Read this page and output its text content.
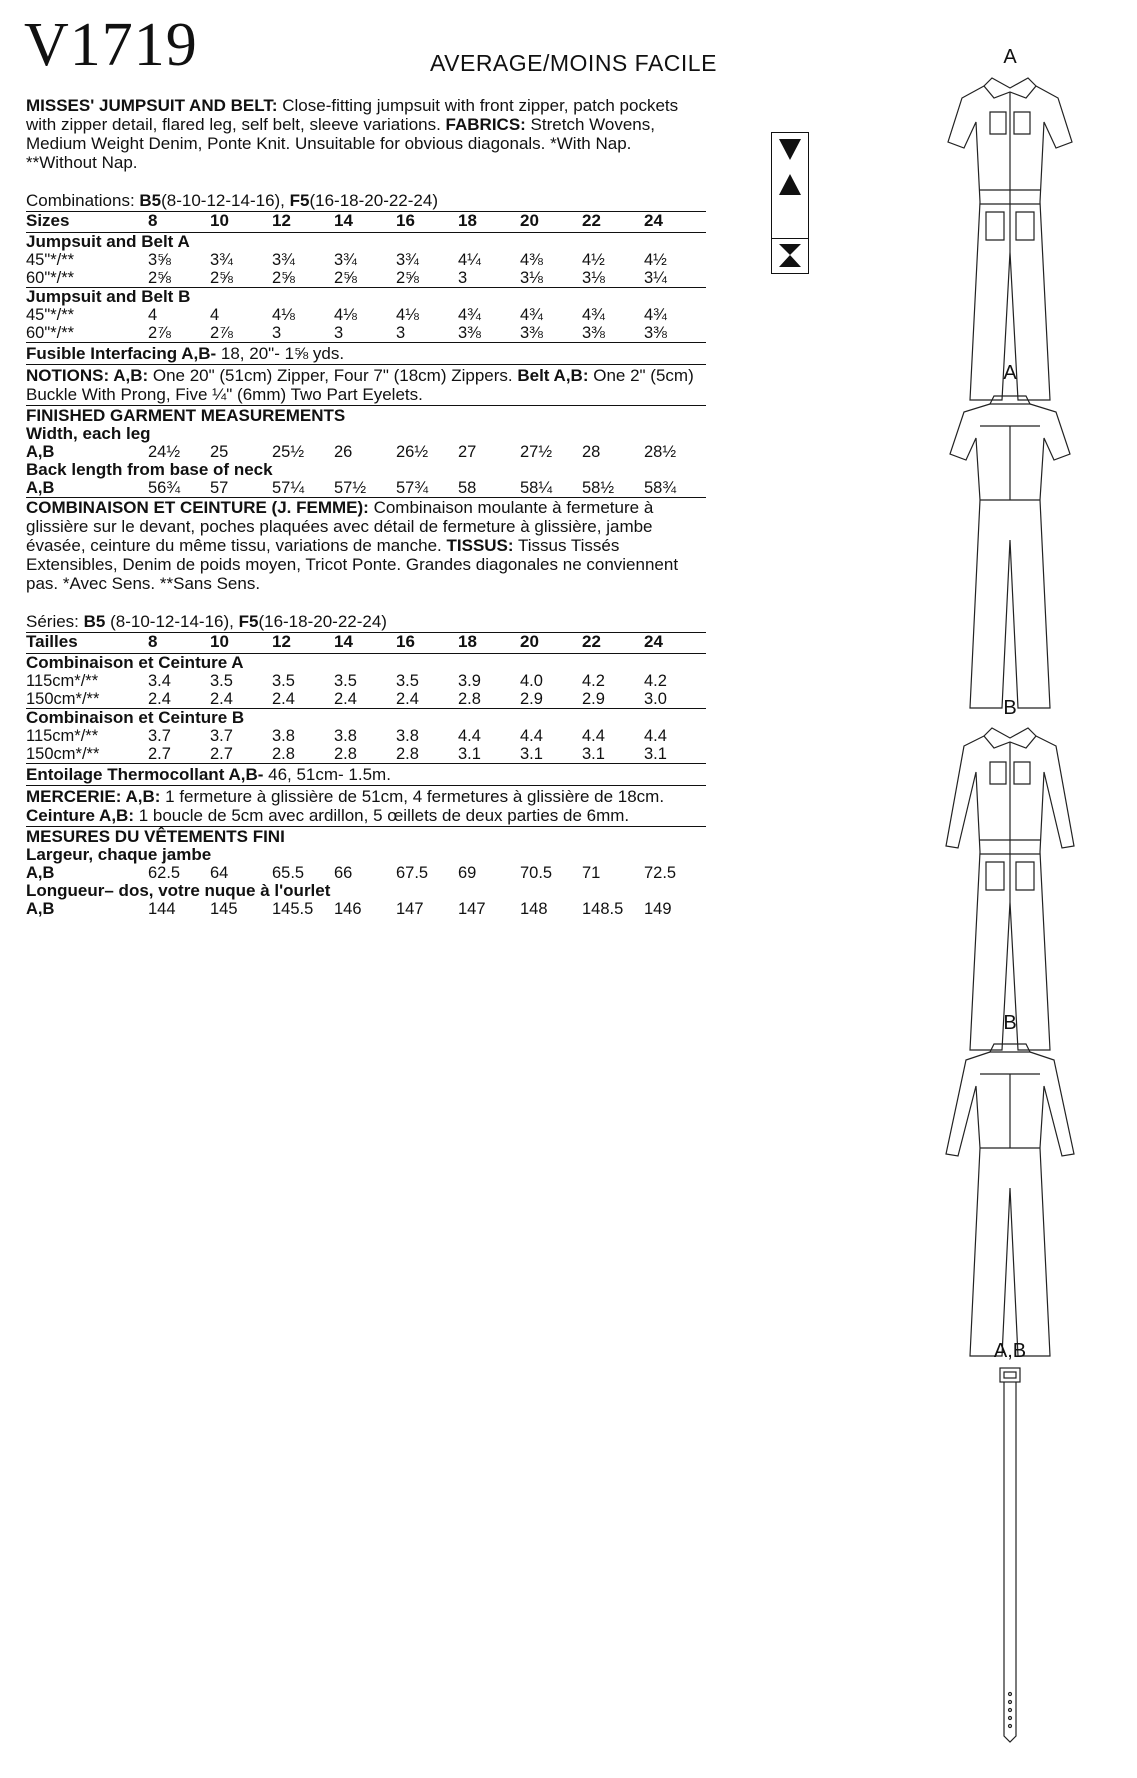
V1719	AVERAGE/MOINS FACILE

MISSES' JUMPSUIT AND BELT: Close-fitting jumpsuit with front zipper, patch pockets with zipper detail, flared leg, self belt, sleeve variations. FABRICS: Stretch Wovens, Medium Weight Denim, Ponte Knit. Unsuitable for obvious diagonals. *With Nap. **Without Nap.

Combinations: B5(8-10-12-14-16), F5(16-18-20-22-24)
Sizes	8	10	12	14	16	18	20	22	24
Jumpsuit and Belt A									
45"*/**	3⅝	3¾	3¾	3¾	3¾	4¼	4⅜	4½	4½
60"*/**	2⅝	2⅝	2⅝	2⅝	2⅝	3	3⅛	3⅛	3¼
Jumpsuit and Belt B									
45"*/**	4	4	4⅛	4⅛	4⅛	4¾	4¾	4¾	4¾
60"*/**	2⅞	2⅞	3	3	3	3⅜	3⅜	3⅜	3⅜
Fusible Interfacing A,B- 18, 20"- 1⅝ yds.
NOTIONS: A,B: One 20" (51cm) Zipper, Four 7" (18cm) Zippers. Belt A,B: One 2" (5cm) Buckle With Prong, Five ¼" (6mm) Two Part Eyelets.
FINISHED GARMENT MEASUREMENTS
Width, each leg									
A,B	24½	25	25½	26	26½	27	27½	28	28½
Back length from base of neck									
A,B	56¾	57	57¼	57½	57¾	58	58¼	58½	58¾

COMBINAISON ET CEINTURE (J. FEMME): Combinaison moulante à fermeture à glissière sur le devant, poches plaquées avec détail de fermeture à glissière, jambe évasée, ceinture du même tissu, variations de manche. TISSUS: Tissus Tissés Extensibles, Denim de poids moyen, Tricot Ponte. Grandes diagonales ne conviennent pas. *Avec Sens. **Sans Sens.

Séries: B5 (8-10-12-14-16), F5(16-18-20-22-24)
Tailles	8	10	12	14	16	18	20	22	24
Combinaison et Ceinture A									
115cm*/**	3.4	3.5	3.5	3.5	3.5	3.9	4.0	4.2	4.2
150cm*/**	2.4	2.4	2.4	2.4	2.4	2.8	2.9	2.9	3.0
Combinaison et Ceinture B									
115cm*/**	3.7	3.7	3.8	3.8	3.8	4.4	4.4	4.4	4.4
150cm*/**	2.7	2.7	2.8	2.8	2.8	3.1	3.1	3.1	3.1
Entoilage Thermocollant A,B- 46, 51cm- 1.5m.
MERCERIE: A,B: 1 fermeture à glissière de 51cm, 4 fermetures à glissière de 18cm.
Ceinture A,B: 1 boucle de 5cm avec ardillon, 5 œillets de deux parties de 6mm.
MESURES DU VÊTEMENTS FINI
Largeur, chaque jambe									
A,B	62.5	64	65.5	66	67.5	69	70.5	71	72.5
Longueur– dos, votre nuque à l'ourlet									
A,B	144	145	145.5	146	147	147	148	148.5	149
A
A
B
B
A,B
